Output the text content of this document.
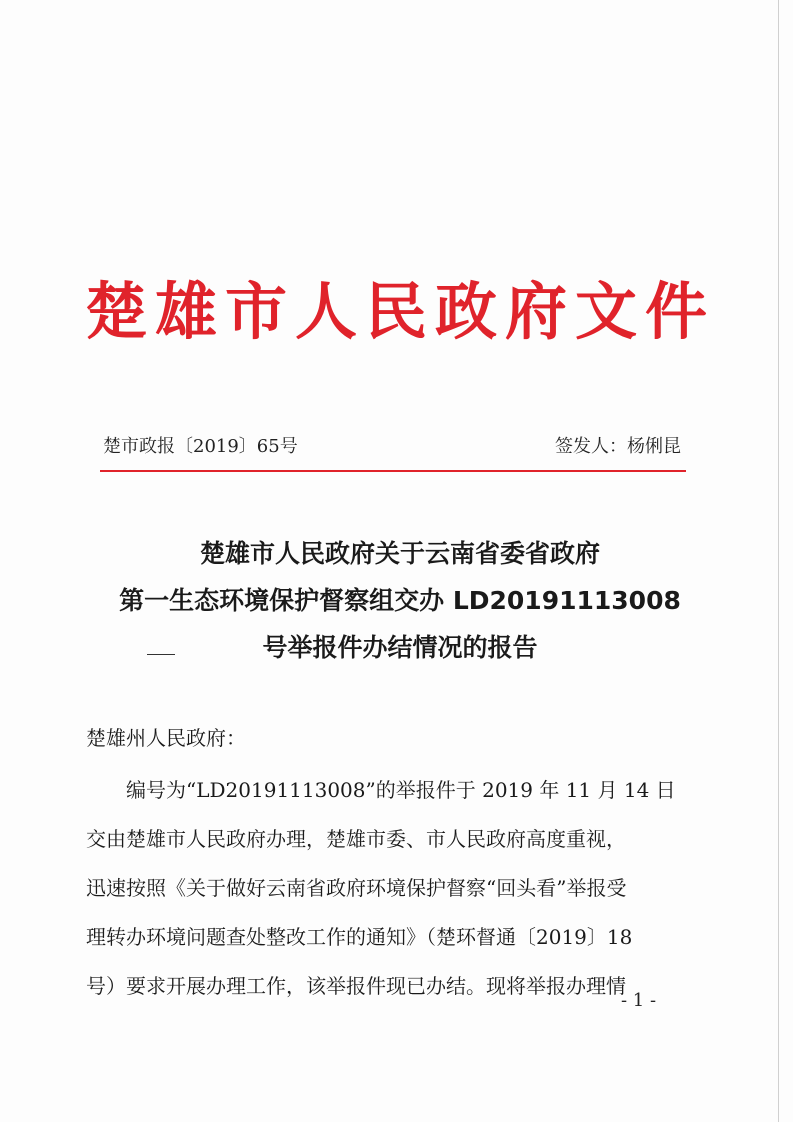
楚雄市人民政府文件
楚市政报〔2019〕65号	签发人：杨俐昆
楚雄市人民政府关于云南省委省政府
第一生态环境保护督察组交办 LD20191113008
号举报件办结情况的报告
楚雄州人民政府：
编号为“LD20191113008”的举报件于 2019 年 11 月 14 日
交由楚雄市人民政府办理，楚雄市委、市人民政府高度重视，
迅速按照《关于做好云南省政府环境保护督察“回头看”举报受
理转办环境问题查处整改工作的通知》（楚环督通〔2019〕18
号）要求开展办理工作，该举报件现已办结。现将举报办理情
- 1 -
